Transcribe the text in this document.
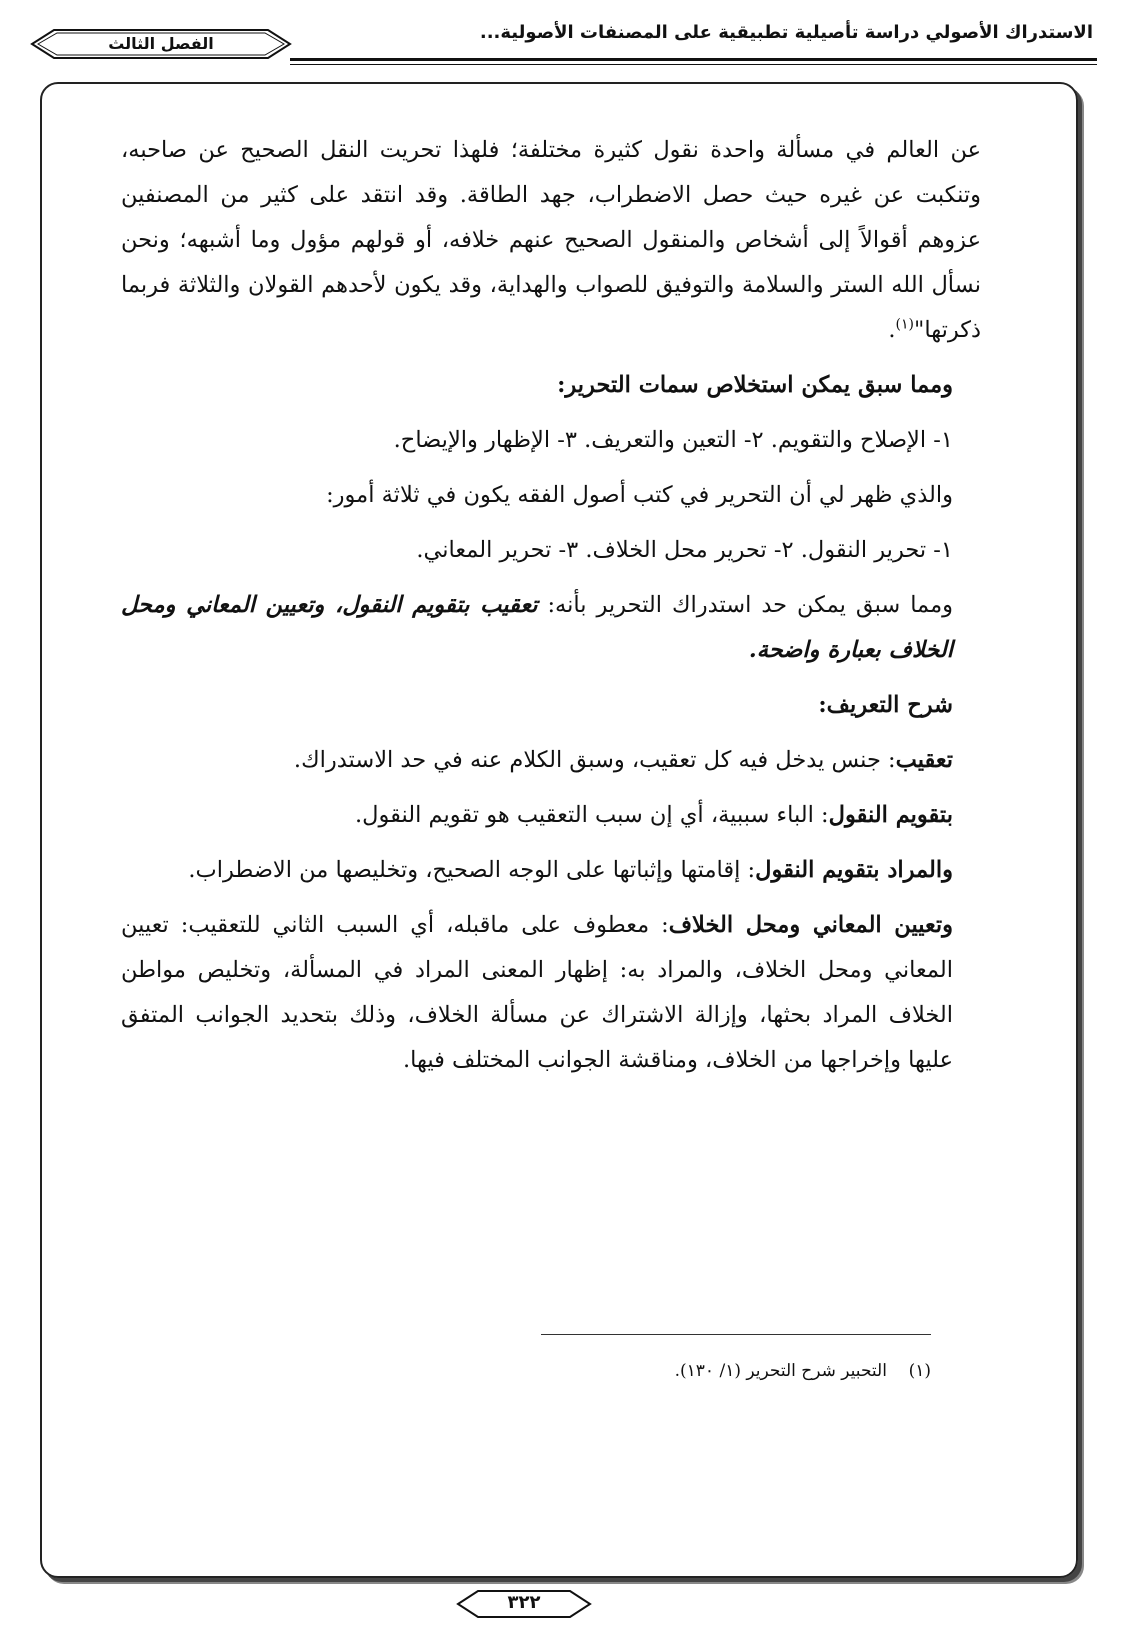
الاستدراك الأصولي دراسة تأصيلية تطبيقية على المصنفات الأصولية...
الفصل الثالث

عن العالم في مسألة واحدة نقول كثيرة مختلفة؛ فلهذا تحريت النقل الصحيح عن صاحبه، وتنكبت عن غيره حيث حصل الاضطراب، جهد الطاقة. وقد انتقد على كثير من المصنفين عزوهم أقوالاً إلى أشخاص والمنقول الصحيح عنهم خلافه، أو قولهم مؤول وما أشبهه؛ ونحن نسأل الله الستر والسلامة والتوفيق للصواب والهداية، وقد يكون لأحدهم القولان والثلاثة فربما ذكرتها"$^{(١)}$.

ومما سبق يمكن استخلاص سمات التحرير:

١- الإصلاح والتقويم. ٢- التعين والتعريف. ٣- الإظهار والإيضاح.

والذي ظهر لي أن التحرير في كتب أصول الفقه يكون في ثلاثة أمور:

١- تحرير النقول. ٢- تحرير محل الخلاف. ٣- تحرير المعاني.

ومما سبق يمكن حد استدراك التحرير بأنه: تعقيب بتقويم النقول، وتعيين المعاني ومحل الخلاف بعبارة واضحة.

شرح التعريف:

تعقيب: جنس يدخل فيه كل تعقيب، وسبق الكلام عنه في حد الاستدراك.

بتقويم النقول: الباء سببية، أي إن سبب التعقيب هو تقويم النقول.

والمراد بتقويم النقول: إقامتها وإثباتها على الوجه الصحيح، وتخليصها من الاضطراب.

وتعيين المعاني ومحل الخلاف: معطوف على ماقبله، أي السبب الثاني للتعقيب: تعيين المعاني ومحل الخلاف، والمراد به: إظهار المعنى المراد في المسألة، وتخليص مواطن الخلاف المراد بحثها، وإزالة الاشتراك عن مسألة الخلاف، وذلك بتحديد الجوانب المتفق عليها وإخراجها من الخلاف، ومناقشة الجوانب المختلف فيها.

(١)    التحبير شرح التحرير (١/ ١٣٠).
٣٢٢
